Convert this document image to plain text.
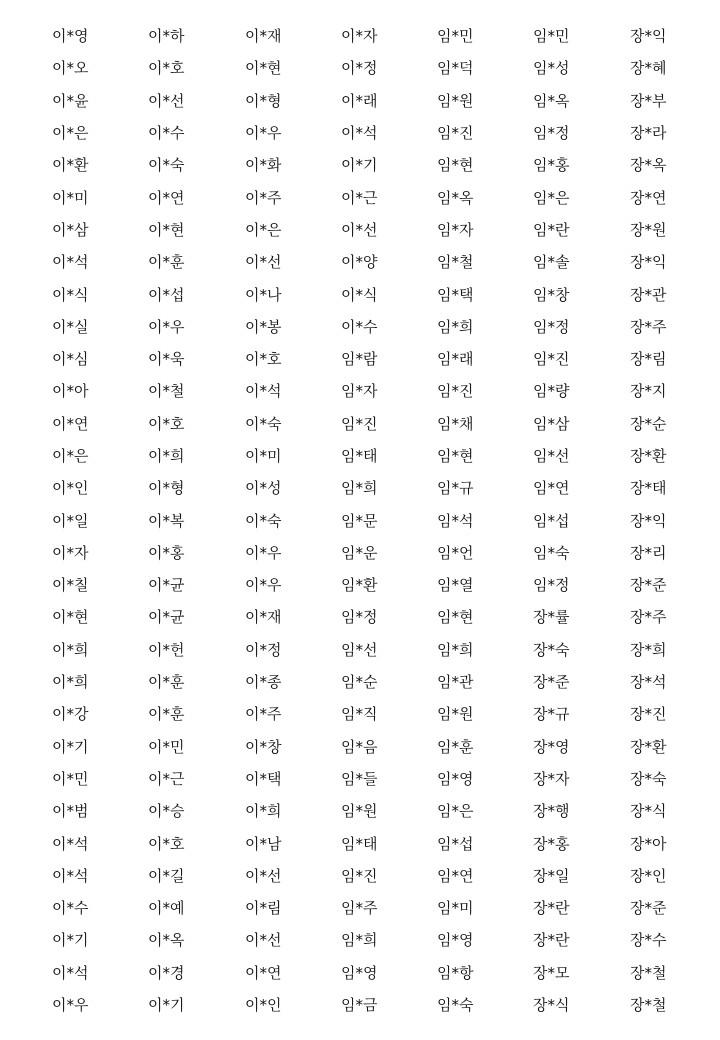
이*영	이*하	이*재	이*자	임*민	임*민	장*익
이*오	이*호	이*현	이*정	임*덕	임*성	장*혜
이*윤	이*선	이*형	이*래	임*원	임*옥	장*부
이*은	이*수	이*우	이*석	임*진	임*정	장*라
이*환	이*숙	이*화	이*기	임*현	임*홍	장*옥
이*미	이*연	이*주	이*근	임*옥	임*은	장*연
이*삼	이*현	이*은	이*선	임*자	임*란	장*원
이*석	이*훈	이*선	이*양	임*철	임*솔	장*익
이*식	이*섭	이*나	이*식	임*택	임*창	장*관
이*실	이*우	이*봉	이*수	임*희	임*정	장*주
이*심	이*욱	이*호	임*람	임*래	임*진	장*림
이*아	이*철	이*석	임*자	임*진	임*량	장*지
이*연	이*호	이*숙	임*진	임*채	임*삼	장*순
이*은	이*희	이*미	임*태	임*현	임*선	장*환
이*인	이*형	이*성	임*희	임*규	임*연	장*태
이*일	이*복	이*숙	임*문	임*석	임*섭	장*익
이*자	이*홍	이*우	임*운	임*언	임*숙	장*리
이*칠	이*균	이*우	임*환	임*열	임*정	장*준
이*현	이*균	이*재	임*정	임*현	장*률	장*주
이*희	이*헌	이*정	임*선	임*희	장*숙	장*희
이*희	이*훈	이*종	임*순	임*관	장*준	장*석
이*강	이*훈	이*주	임*직	임*원	장*규	장*진
이*기	이*민	이*창	임*음	임*훈	장*영	장*환
이*민	이*근	이*택	임*들	임*영	장*자	장*숙
이*범	이*승	이*희	임*원	임*은	장*행	장*식
이*석	이*호	이*남	임*태	임*섭	장*홍	장*아
이*석	이*길	이*선	임*진	임*연	장*일	장*인
이*수	이*예	이*림	임*주	임*미	장*란	장*준
이*기	이*옥	이*선	임*희	임*영	장*란	장*수
이*석	이*경	이*연	임*영	임*항	장*모	장*철
이*우	이*기	이*인	임*금	임*숙	장*식	장*철
